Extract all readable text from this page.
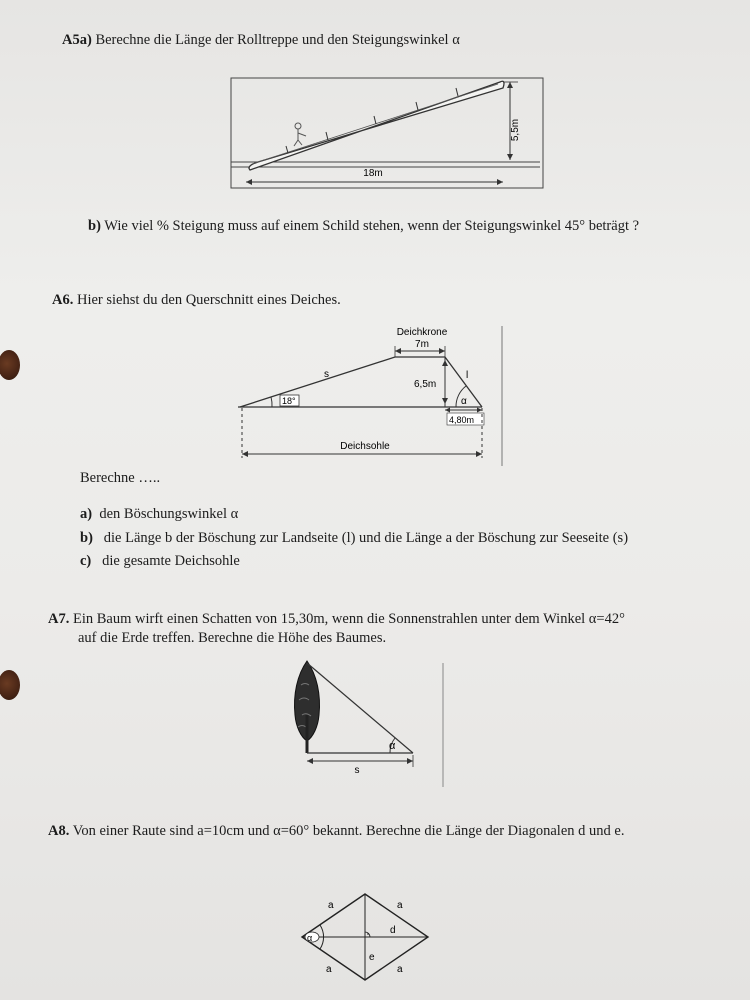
A5a) Berechne die Länge der Rolltreppe und den Steigungswinkel α
5,5m
18m
b) Wie viel % Steigung muss auf einem Schild stehen, wenn der Steigungswinkel 45° beträgt ?
A6. Hier siehst du den Querschnitt eines Deiches.
Deichkrone
7m
s	l
6,5m
18°	α
4,80m
Deichsohle
Berechne …..
a) den Böschungswinkel α
b) die Länge b der Böschung zur Landseite (l) und die Länge a der Böschung zur Seeseite (s)
c) die gesamte Deichsohle
A7. Ein Baum wirft einen Schatten von 15,30m, wenn die Sonnenstrahlen unter dem Winkel α=42°
auf die Erde treffen. Berechne die Höhe des Baumes.
α
s
A8. Von einer Raute sind a=10cm und α=60° bekannt. Berechne die Länge der Diagonalen d und e.
α
a	a
a	a
d
e
